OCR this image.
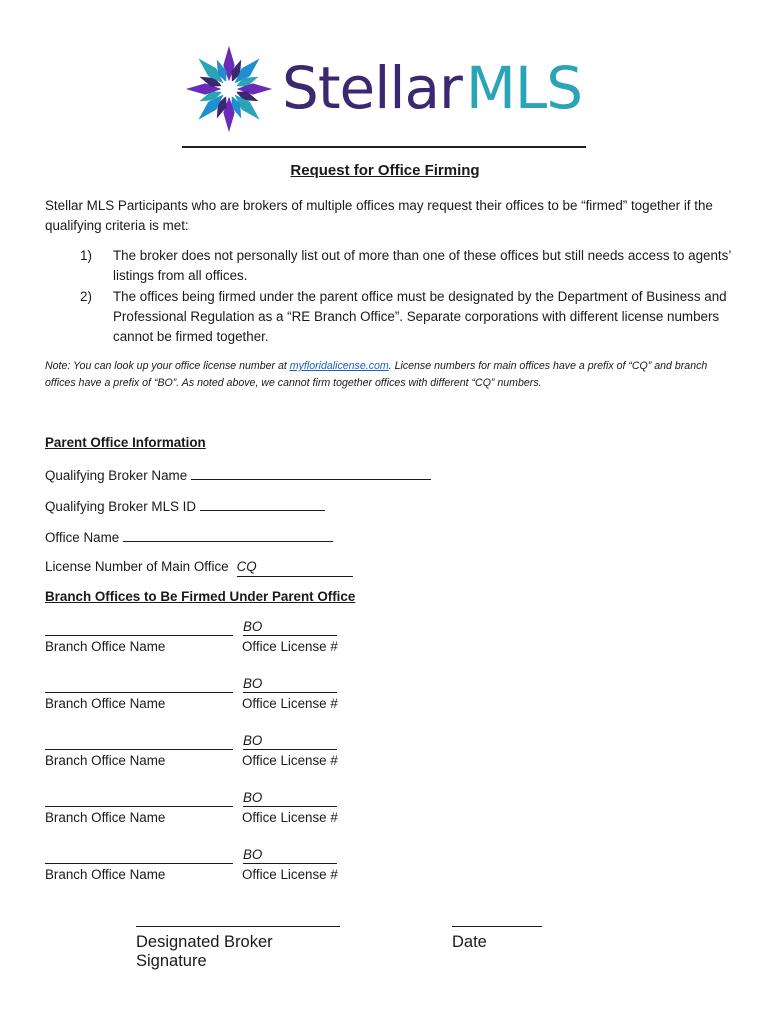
StellarMLS
Request for Office Firming
Stellar MLS Participants who are brokers of multiple offices may request their offices to be “firmed” together if the qualifying criteria is met:
1) The broker does not personally list out of more than one of these offices but still needs access to agents’ listings from all offices.
2) The offices being firmed under the parent office must be designated by the Department of Business and Professional Regulation as a “RE Branch Office”. Separate corporations with different license numbers cannot be firmed together.
Note: You can look up your office license number at myfloridalicense.com. License numbers for main offices have a prefix of “CQ” and branch offices have a prefix of “BO”. As noted above, we cannot firm together offices with different “CQ” numbers.
Parent Office Information
Qualifying Broker Name
Qualifying Broker MLS ID
Office Name
License Number of Main Office CQ
Branch Offices to Be Firmed Under Parent Office
Branch Office Name
BO
Office License #
Branch Office Name
BO
Office License #
Branch Office Name
BO
Office License #
Branch Office Name
BO
Office License #
Branch Office Name
BO
Office License #
Designated Broker Signature
Date
